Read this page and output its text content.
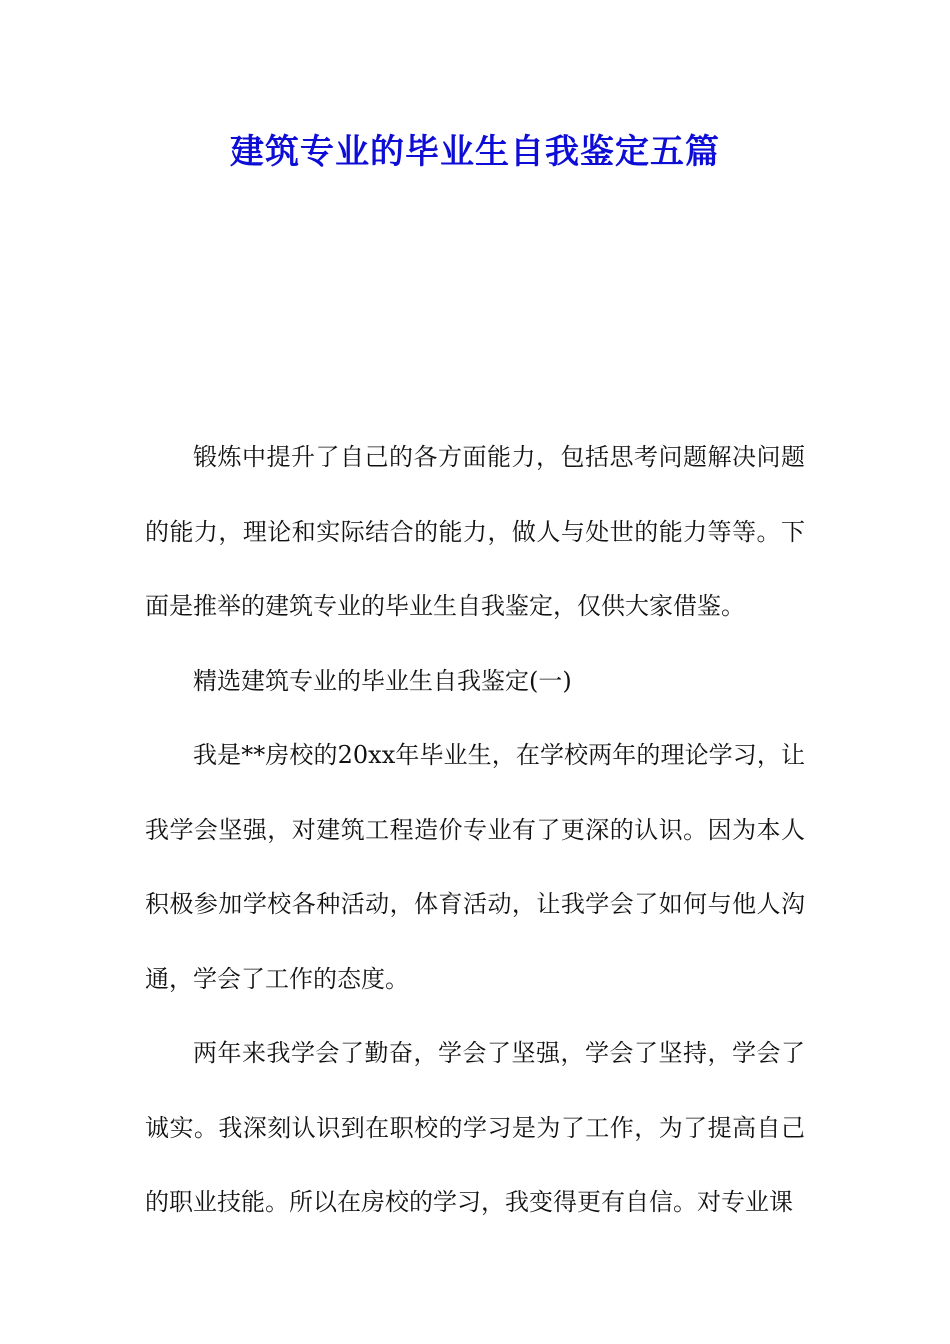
建筑专业的毕业生自我鉴定五篇

锻炼中提升了自己的各方面能力，包括思考问题解决问题的能力，理论和实际结合的能力，做人与处世的能力等等。下面是推举的建筑专业的毕业生自我鉴定，仅供大家借鉴。

精选建筑专业的毕业生自我鉴定(一)

我是**房校的20xx年毕业生，在学校两年的理论学习，让我学会坚强，对建筑工程造价专业有了更深的认识。因为本人积极参加学校各种活动，体育活动，让我学会了如何与他人沟通，学会了工作的态度。

两年来我学会了勤奋，学会了坚强，学会了坚持，学会了诚实。我深刻认识到在职校的学习是为了工作，为了提高自己的职业技能。所以在房校的学习，我变得更有自信。对专业课
